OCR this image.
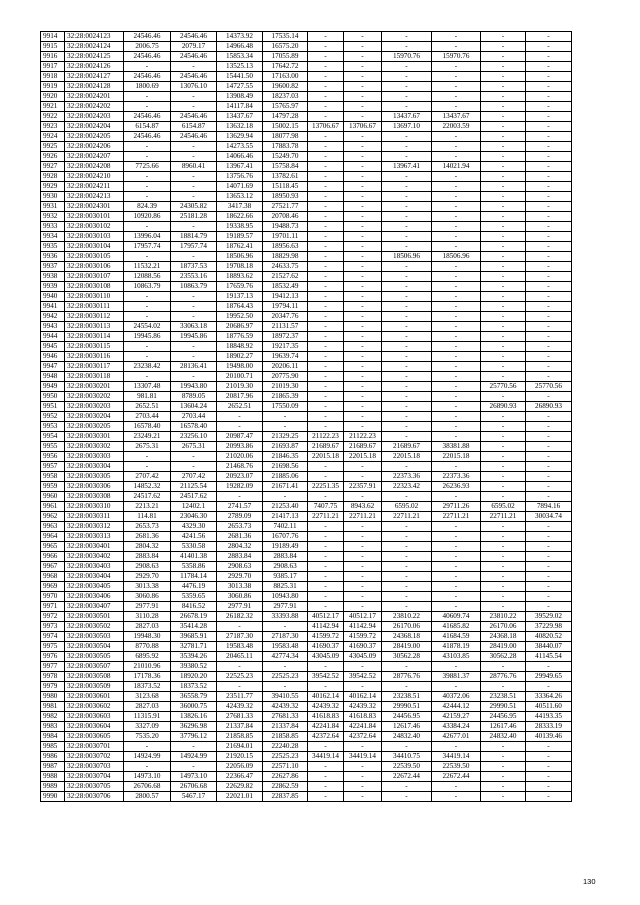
9914	32:28:0024123	24546.46	24546.46	14373.92	17535.14	-	-	-	-	-	-
9915	32:28:0024124	2006.75	2079.17	14966.48	16575.20	-	-	-	-	-	-
9916	32:28:0024125	24546.46	24546.46	15853.34	17055.89	-	-	15970.76	15970.76	-	-
9917	32:28:0024126	-	-	13525.13	17642.72	-	-	-	-	-	-
9918	32:28:0024127	24546.46	24546.46	15441.50	17163.00	-	-	-	-	-	-
9919	32:28:0024128	1800.69	13076.10	14727.55	19600.82	-	-	-	-	-	-
9920	32:28:0024201	-	-	13908.49	18237.03	-	-	-	-	-	-
9921	32:28:0024202	-	-	14117.84	15765.97	-	-	-	-	-	-
9922	32:28:0024203	24546.46	24546.46	13437.67	14797.28	-	-	13437.67	13437.67	-	-
9923	32:28:0024204	6154.87	6154.87	13632.18	15002.15	13706.67	13706.67	13697.10	22003.59	-	-
9924	32:28:0024205	24546.46	24546.46	13629.94	18077.98	-	-	-	-	-	-
9925	32:28:0024206	-	-	14273.55	17883.78	-	-	-	-	-	-
9926	32:28:0024207	-	-	14066.46	15249.70	-	-	-	-	-	-
9927	32:28:0024208	7725.66	8960.41	13967.41	15758.84	-	-	13967.41	14021.94	-	-
9928	32:28:0024210	-	-	13756.76	13782.61	-	-	-	-	-	-
9929	32:28:0024211	-	-	14071.69	15118.45	-	-	-	-	-	-
9930	32:28:0024213	-	-	13653.12	18950.93	-	-	-	-	-	-
9931	32:28:0024301	824.39	24305.82	3417.38	27521.77	-	-	-	-	-	-
9932	32:28:0030101	10920.86	25181.28	18622.66	20708.46	-	-	-	-	-	-
9933	32:28:0030102	-	-	19338.95	19488.73	-	-	-	-	-	-
9934	32:28:0030103	13996.04	18814.79	19189.57	19701.11	-	-	-	-	-	-
9935	32:28:0030104	17957.74	17957.74	18762.41	18956.63	-	-	-	-	-	-
9936	32:28:0030105	-	-	18506.96	18829.98	-	-	18506.96	18506.96	-	-
9937	32:28:0030106	11532.21	18737.53	19708.18	24633.75	-	-	-	-	-	-
9938	32:28:0030107	12088.56	23553.16	18893.62	21527.62	-	-	-	-	-	-
9939	32:28:0030108	10863.79	10863.79	17659.76	18532.49	-	-	-	-	-	-
9940	32:28:0030110	-	-	19137.13	19412.13	-	-	-	-	-	-
9941	32:28:0030111	-	-	18764.43	19794.11	-	-	-	-	-	-
9942	32:28:0030112	-	-	19952.50	20347.76	-	-	-	-	-	-
9943	32:28:0030113	24554.02	33063.18	20686.97	21131.57	-	-	-	-	-	-
9944	32:28:0030114	19945.86	19945.86	18776.59	18972.37	-	-	-	-	-	-
9945	32:28:0030115	-	-	18848.92	19217.35	-	-	-	-	-	-
9946	32:28:0030116	-	-	18902.27	19639.74	-	-	-	-	-	-
9947	32:28:0030117	23238.42	28136.41	19498.00	20206.11	-	-	-	-	-	-
9948	32:28:0030118	-	-	20100.71	20775.90	-	-	-	-	-	-
9949	32:28:0030201	13307.48	19943.80	21019.30	21019.30	-	-	-	-	25770.56	25770.56
9950	32:28:0030202	981.81	8789.05	20817.96	21865.39	-	-	-	-	-	-
9951	32:28:0030203	2652.51	13604.24	2652.51	17550.09	-	-	-	-	26890.93	26890.93
9952	32:28:0030204	2703.44	2703.44	-	-	-	-	-	-	-	-
9953	32:28:0030205	16578.40	16578.40	-	-	-	-	-	-	-	-
9954	32:28:0030301	23249.21	23256.10	20987.47	21329.25	21122.23	21122.23	-	-	-	-
9955	32:28:0030302	2675.31	2675.31	20993.86	21693.87	21689.67	21689.67	21689.67	38381.88	-	-
9956	32:28:0030303	-	-	21020.06	21846.35	22015.18	22015.18	22015.18	22015.18	-	-
9957	32:28:0030304	-	-	21468.76	21698.56	-	-	-	-	-	-
9958	32:28:0030305	2707.42	2707.42	20923.07	21885.06	-	-	22373.36	22373.36	-	-
9959	32:28:0030306	14852.32	21125.54	19282.09	21671.41	22251.35	22357.91	22323.42	26236.93	-	-
9960	32:28:0030308	24517.62	24517.62	-	-	-	-	-	-	-	-
9961	32:28:0030310	2213.21	12402.1	2741.57	21253.40	7407.75	8943.62	6595.02	29711.26	6595.02	7894.16
9962	32:28:0030311	114.81	23046.30	2789.09	21417.13	22711.21	22711.21	22711.21	22711.21	22711.21	30034.74
9963	32:28:0030312	2653.73	4329.30	2653.73	7402.11	-	-	-	-	-	-
9964	32:28:0030313	2681.36	4241.56	2681.36	16707.76	-	-	-	-	-	-
9965	32:28:0030401	2804.32	5330.58	2804.32	19189.49	-	-	-	-	-	-
9966	32:28:0030402	2883.84	41401.38	2883.84	2883.84	-	-	-	-	-	-
9967	32:28:0030403	2908.63	5358.86	2908.63	2908.63	-	-	-	-	-	-
9968	32:28:0030404	2929.70	11784.14	2929.70	9385.17	-	-	-	-	-	-
9969	32:28:0030405	3013.38	4476.19	3013.38	8825.31	-	-	-	-	-	-
9970	32:28:0030406	3060.86	5359.65	3060.86	10943.80	-	-	-	-	-	-
9971	32:28:0030407	2977.91	8416.52	2977.91	2977.91	-	-	-	-	-	-
9972	32:28:0030501	3110.28	26678.19	26182.32	33393.88	40512.17	40512.17	23810.22	40609.74	23810.22	39529.02
9973	32:28:0030502	2827.03	35414.28	-	-	41142.94	41142.94	26170.06	41685.82	26170.06	37229.98
9974	32:28:0030503	19948.30	39685.91	27187.30	27187.30	41599.72	41599.72	24368.18	41684.59	24368.18	40820.52
9975	32:28:0030504	8770.88	32781.71	19583.48	19583.48	41690.37	41690.37	28419.00	41878.19	28419.00	38440.07
9976	32:28:0030505	6895.92	35394.26	20465.11	42774.34	43045.09	43045.09	30562.28	43103.85	30562.28	41145.54
9977	32:28:0030507	21010.96	39380.52	-	-	-	-	-	-	-	-
9978	32:28:0030508	17178.36	18920.20	22525.23	22525.23	39542.52	39542.52	28776.76	39881.37	28776.76	29949.65
9979	32:28:0030509	18373.52	18373.52	-	-	-	-	-	-	-	-
9980	32:28:0030601	3123.68	36558.79	23511.77	39410.55	40162.14	40162.14	23238.51	40372.06	23238.51	33364.26
9981	32:28:0030602	2827.03	36000.75	42439.32	42439.32	42439.32	42439.32	29990.51	42444.12	29990.51	40511.60
9982	32:28:0030603	11315.91	13826.16	27681.33	27681.33	41618.83	41618.83	24456.95	42159.27	24456.95	44193.35
9983	32:28:0030604	3327.09	36296.98	21337.84	21337.84	42241.84	42241.84	12617.46	43384.24	12617.46	28333.19
9984	32:28:0030605	7535.20	37796.12	21858.85	21858.85	42372.64	42372.64	24832.40	42677.01	24832.40	40139.46
9985	32:28:0030701	-	-	21694.01	22240.28	-	-	-	-	-	-
9986	32:28:0030702	14924.99	14924.99	21920.15	22525.23	34419.14	34419.14	34410.75	34419.14	-	-
9987	32:28:0030703	-	-	22056.09	22571.10	-	-	22539.50	22539.50	-	-
9988	32:28:0030704	14973.10	14973.10	22366.47	22627.86	-	-	22672.44	22672.44	-	-
9989	32:28:0030705	26706.68	26706.68	22629.82	22862.59	-	-	-	-	-	-
9990	32:28:0030706	2800.57	5467.17	22021.01	22837.85	-	-	-	-	-	-
130
